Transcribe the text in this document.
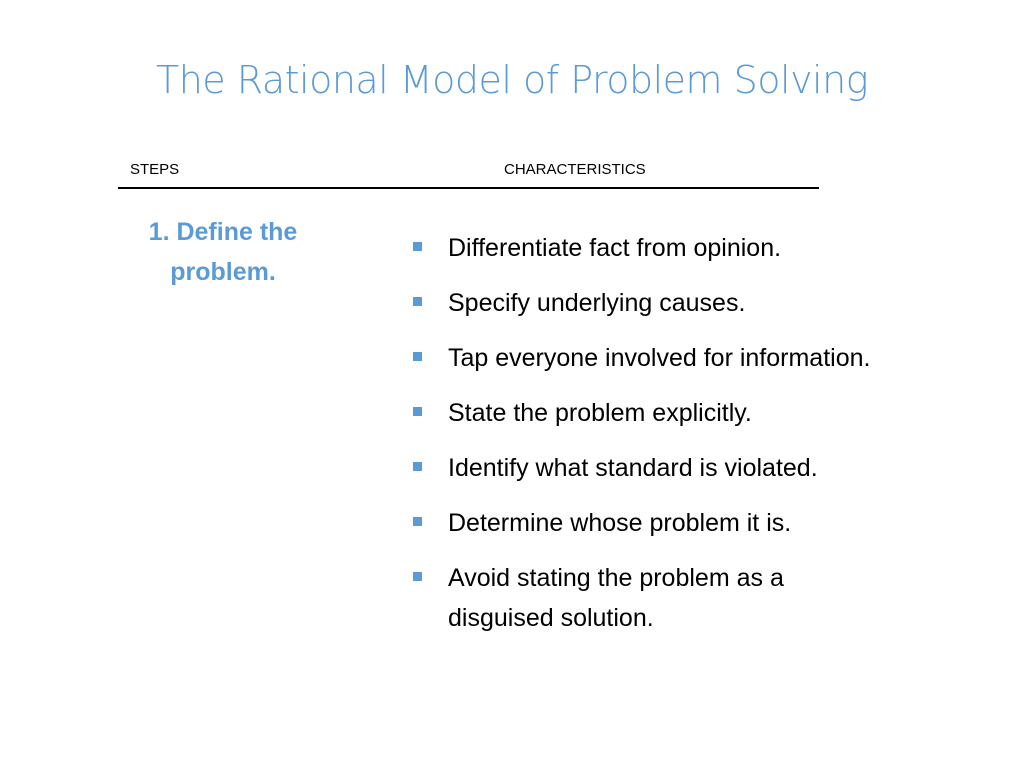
The Rational Model of Problem Solving
STEPS	CHARACTERISTICS
1. Define the
problem.
Differentiate fact from opinion.
Specify underlying causes.
Tap everyone involved for information.
State the problem explicitly.
Identify what standard is violated.
Determine whose problem it is.
Avoid stating the problem as a disguised solution.
